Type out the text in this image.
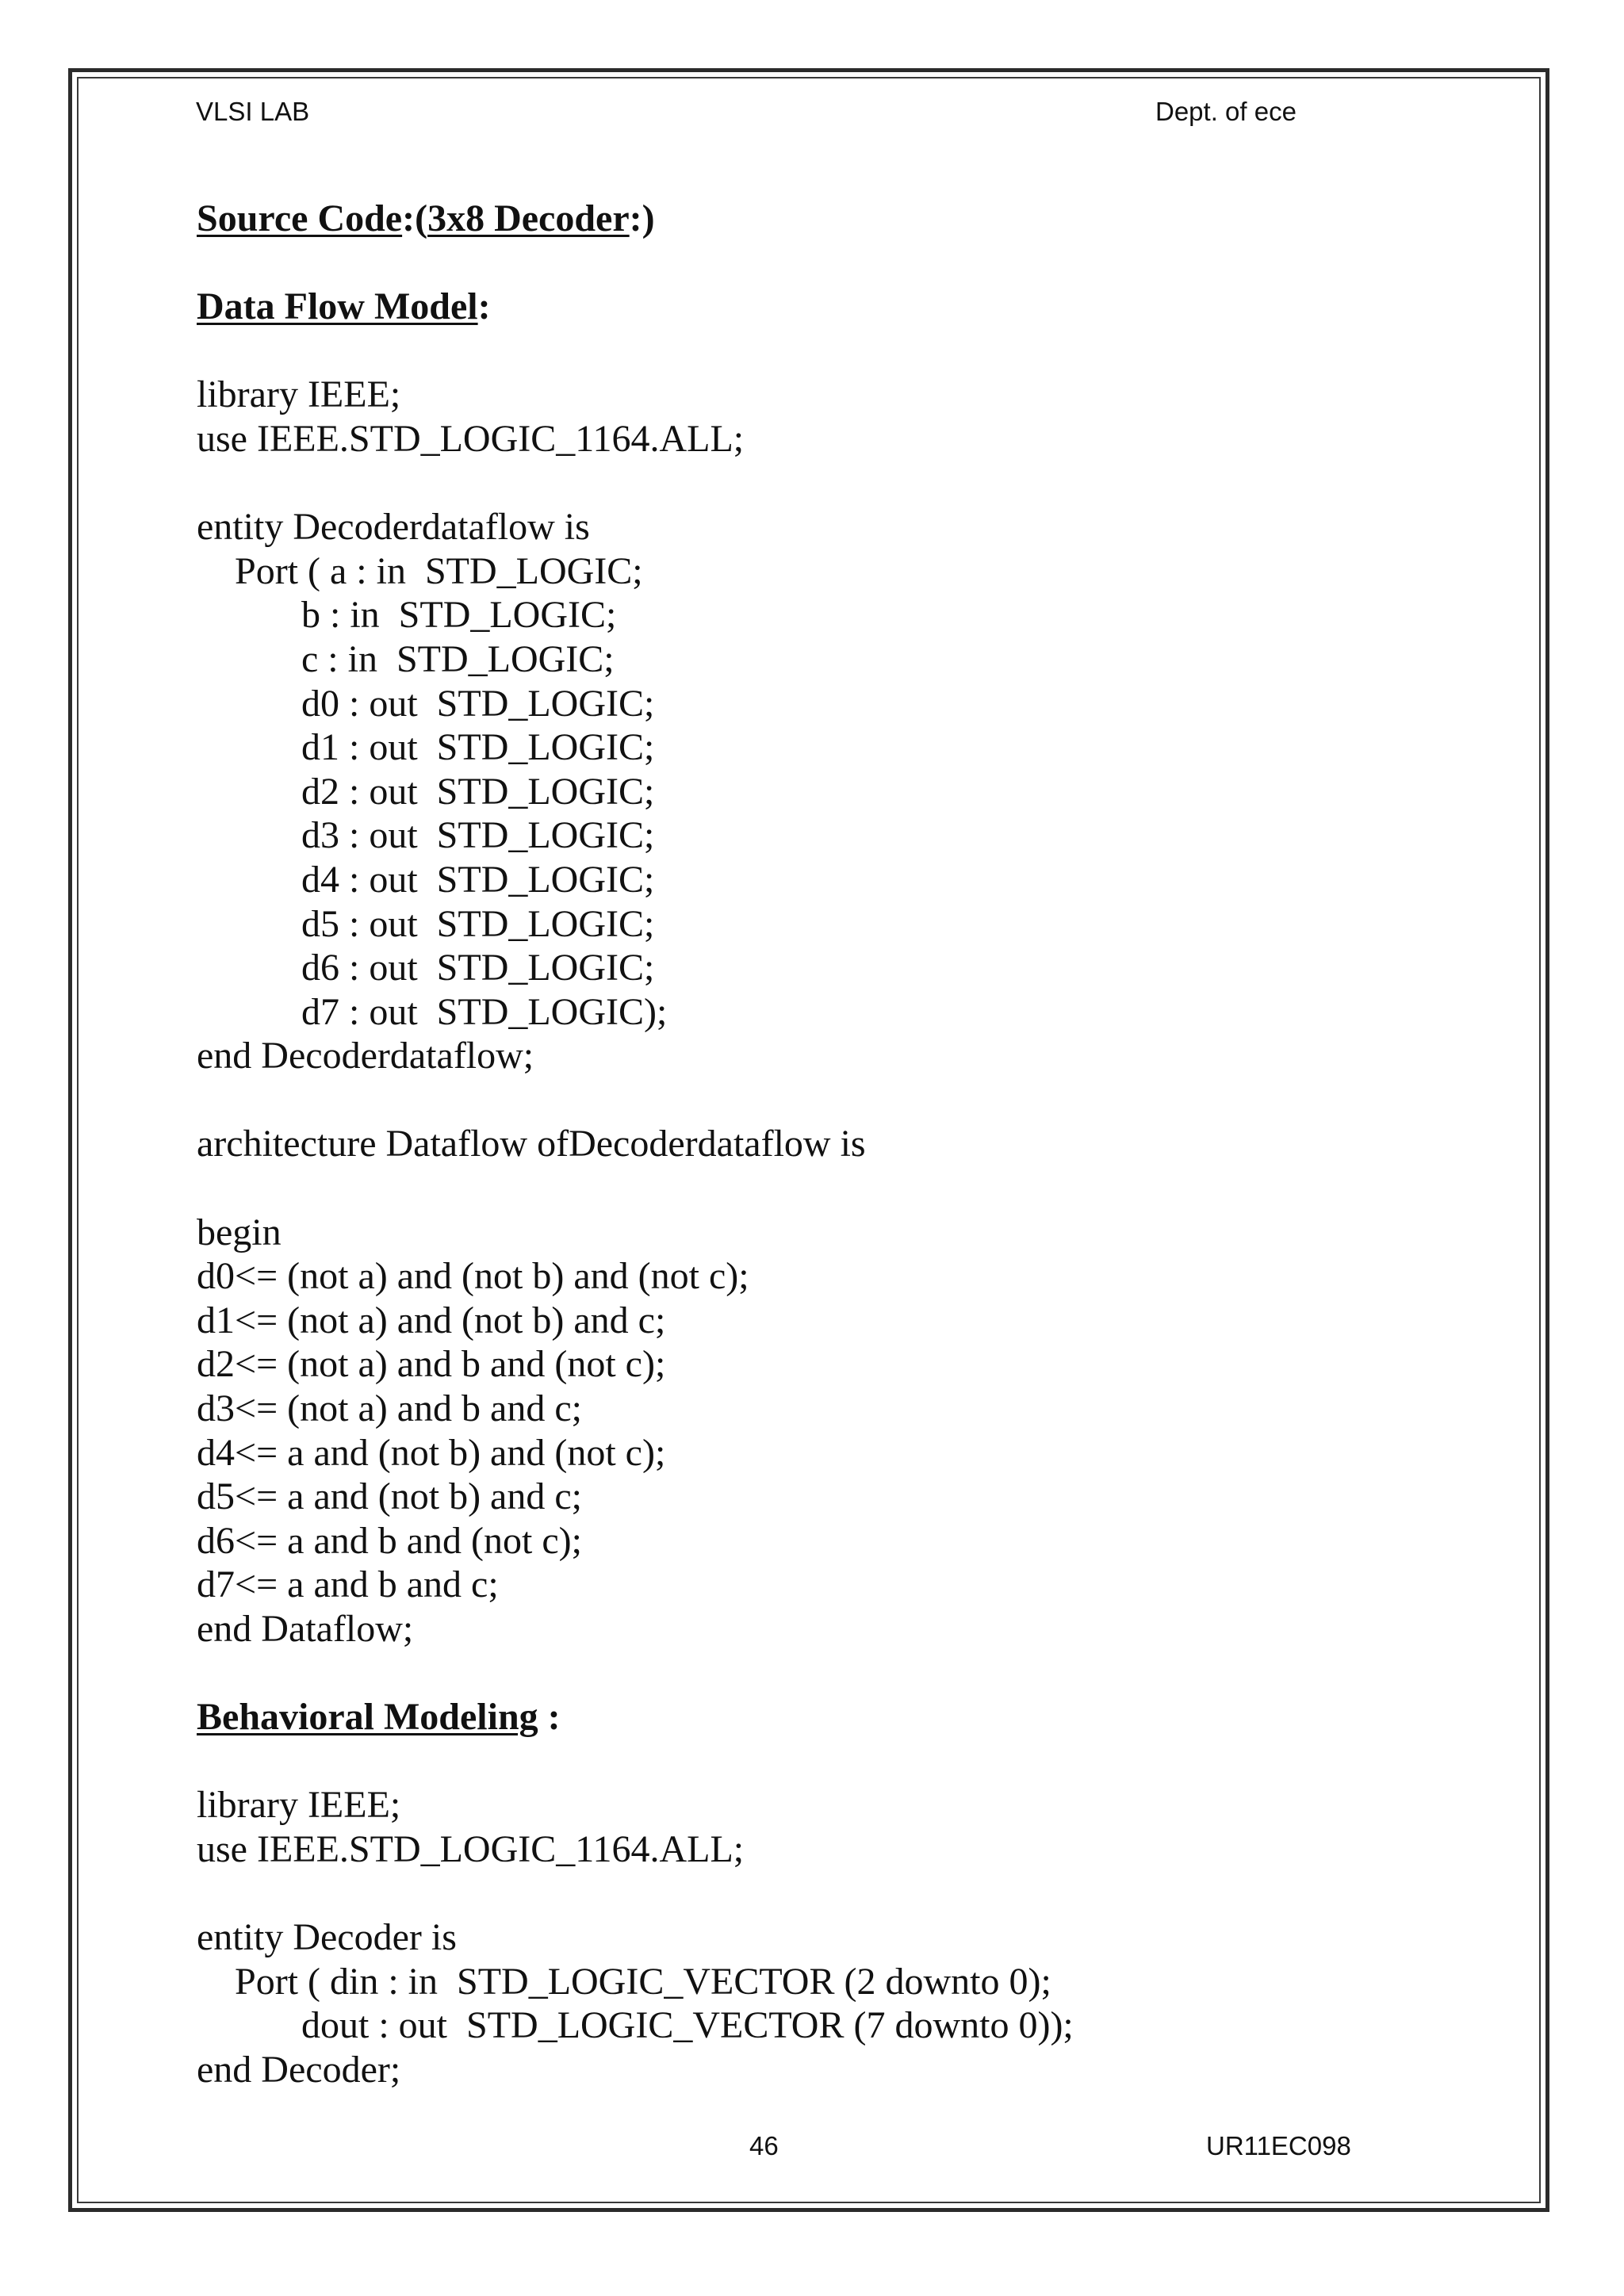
VLSI LAB	Dept. of ece
Source Code:(3x8 Decoder:)
Data Flow Model:
library IEEE;
use IEEE.STD_LOGIC_1164.ALL;
entity Decoderdataflow is
Port ( a : in  STD_LOGIC;
b : in  STD_LOGIC;
c : in  STD_LOGIC;
d0 : out  STD_LOGIC;
d1 : out  STD_LOGIC;
d2 : out  STD_LOGIC;
d3 : out  STD_LOGIC;
d4 : out  STD_LOGIC;
d5 : out  STD_LOGIC;
d6 : out  STD_LOGIC;
d7 : out  STD_LOGIC);
end Decoderdataflow;
architecture Dataflow ofDecoderdataflow is
begin
d0<= (not a) and (not b) and (not c);
d1<= (not a) and (not b) and c;
d2<= (not a) and b and (not c);
d3<= (not a) and b and c;
d4<= a and (not b) and (not c);
d5<= a and (not b) and c;
d6<= a and b and (not c);
d7<= a and b and c;
end Dataflow;
Behavioral Modeling :
library IEEE;
use IEEE.STD_LOGIC_1164.ALL;
entity Decoder is
Port ( din : in  STD_LOGIC_VECTOR (2 downto 0);
dout : out  STD_LOGIC_VECTOR (7 downto 0));
end Decoder;
46	UR11EC098
